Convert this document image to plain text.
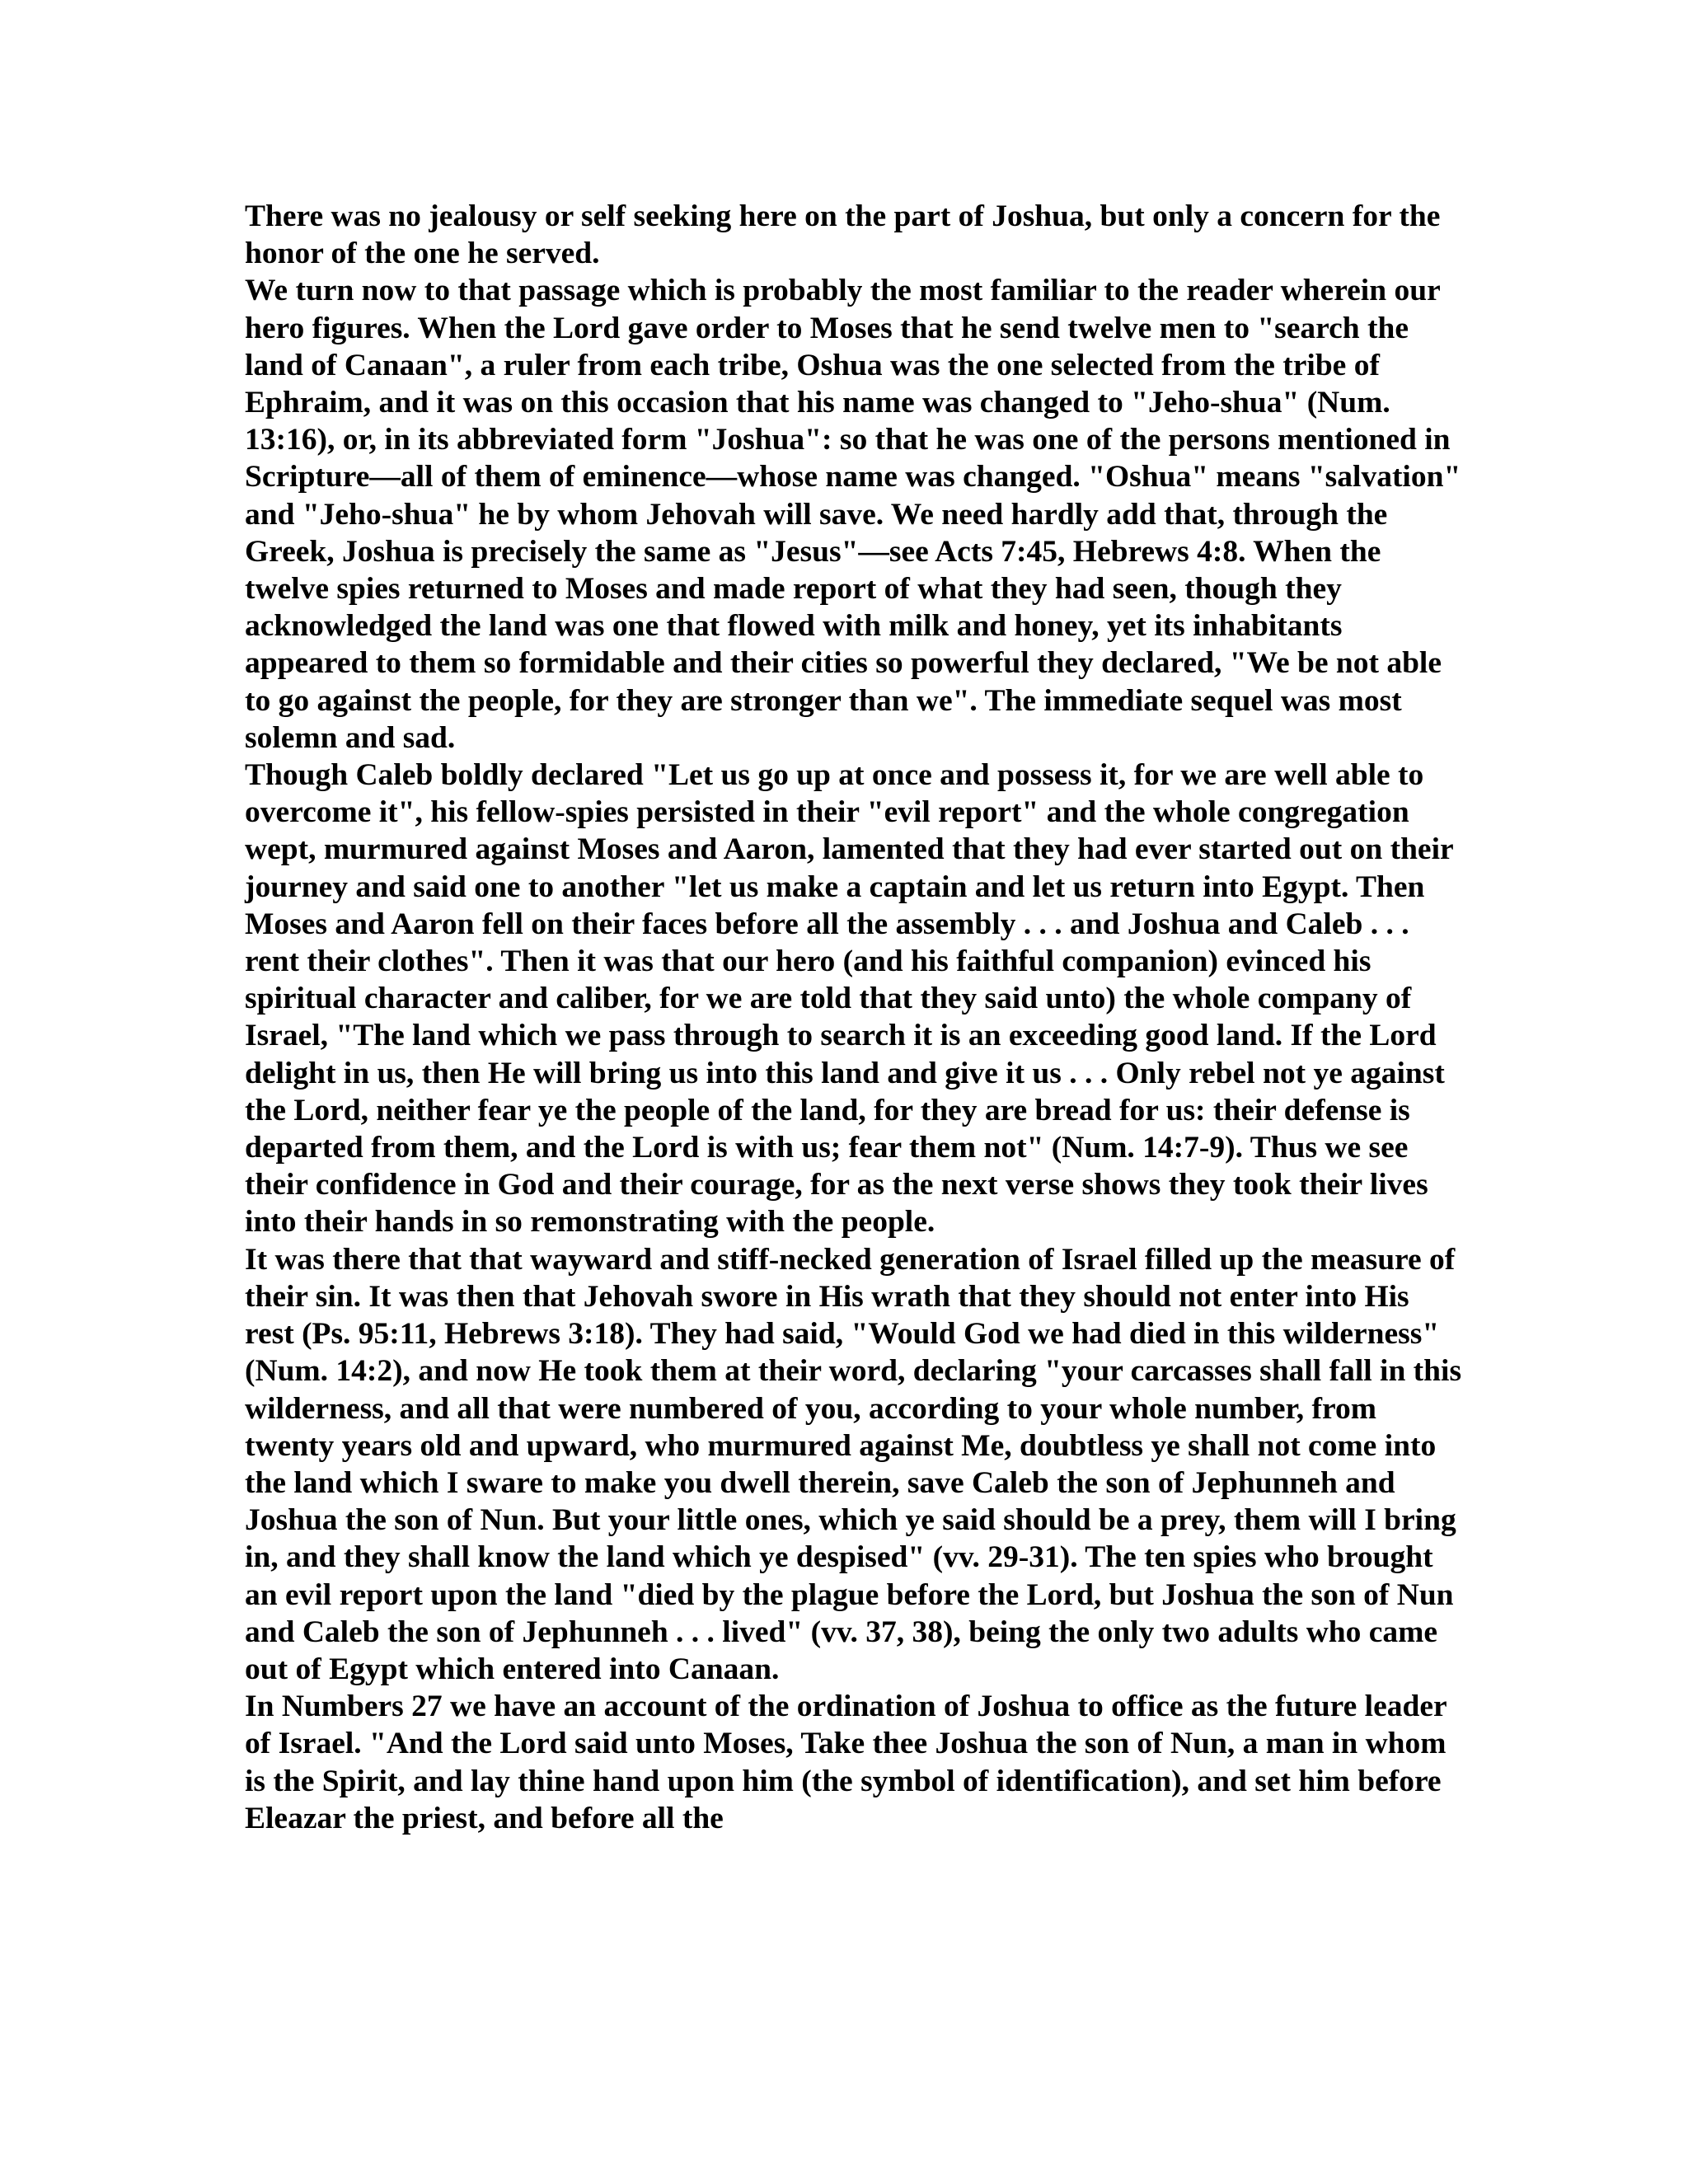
There was no jealousy or self seeking here on the part of Joshua, but only a concern for the honor of the one he served.

We turn now to that passage which is probably the most familiar to the reader wherein our hero figures. When the Lord gave order to Moses that he send twelve men to "search the land of Canaan", a ruler from each tribe, Oshua was the one selected from the tribe of Ephraim, and it was on this occasion that his name was changed to "Jeho-shua" (Num. 13:16), or, in its abbreviated form "Joshua": so that he was one of the persons mentioned in Scripture—all of them of eminence—whose name was changed. "Oshua" means "salvation" and "Jeho-shua" he by whom Jehovah will save. We need hardly add that, through the Greek, Joshua is precisely the same as "Jesus"—see Acts 7:45, Hebrews 4:8. When the twelve spies returned to Moses and made report of what they had seen, though they acknowledged the land was one that flowed with milk and honey, yet its inhabitants appeared to them so formidable and their cities so powerful they declared, "We be not able to go against the people, for they are stronger than we". The immediate sequel was most solemn and sad.

Though Caleb boldly declared "Let us go up at once and possess it, for we are well able to overcome it", his fellow-spies persisted in their "evil report" and the whole congregation wept, murmured against Moses and Aaron, lamented that they had ever started out on their journey and said one to another "let us make a captain and let us return into Egypt. Then Moses and Aaron fell on their faces before all the assembly . . . and Joshua and Caleb . . . rent their clothes". Then it was that our hero (and his faithful companion) evinced his spiritual character and caliber, for we are told that they said unto) the whole company of Israel, "The land which we pass through to search it is an exceeding good land. If the Lord delight in us, then He will bring us into this land and give it us . . . Only rebel not ye against the Lord, neither fear ye the people of the land, for they are bread for us: their defense is departed from them, and the Lord is with us; fear them not" (Num. 14:7-9). Thus we see their confidence in God and their courage, for as the next verse shows they took their lives into their hands in so remonstrating with the people.

It was there that that wayward and stiff-necked generation of Israel filled up the measure of their sin. It was then that Jehovah swore in His wrath that they should not enter into His rest (Ps. 95:11, Hebrews 3:18). They had said, "Would God we had died in this wilderness" (Num. 14:2), and now He took them at their word, declaring "your carcasses shall fall in this wilderness, and all that were numbered of you, according to your whole number, from twenty years old and upward, who murmured against Me, doubtless ye shall not come into the land which I sware to make you dwell therein, save Caleb the son of Jephunneh and Joshua the son of Nun. But your little ones, which ye said should be a prey, them will I bring in, and they shall know the land which ye despised" (vv. 29-31). The ten spies who brought an evil report upon the land "died by the plague before the Lord, but Joshua the son of Nun and Caleb the son of Jephunneh . . . lived" (vv. 37, 38), being the only two adults who came out of Egypt which entered into Canaan.

In Numbers 27 we have an account of the ordination of Joshua to office as the future leader of Israel. "And the Lord said unto Moses, Take thee Joshua the son of Nun, a man in whom is the Spirit, and lay thine hand upon him (the symbol of identification), and set him before Eleazar the priest, and before all the
